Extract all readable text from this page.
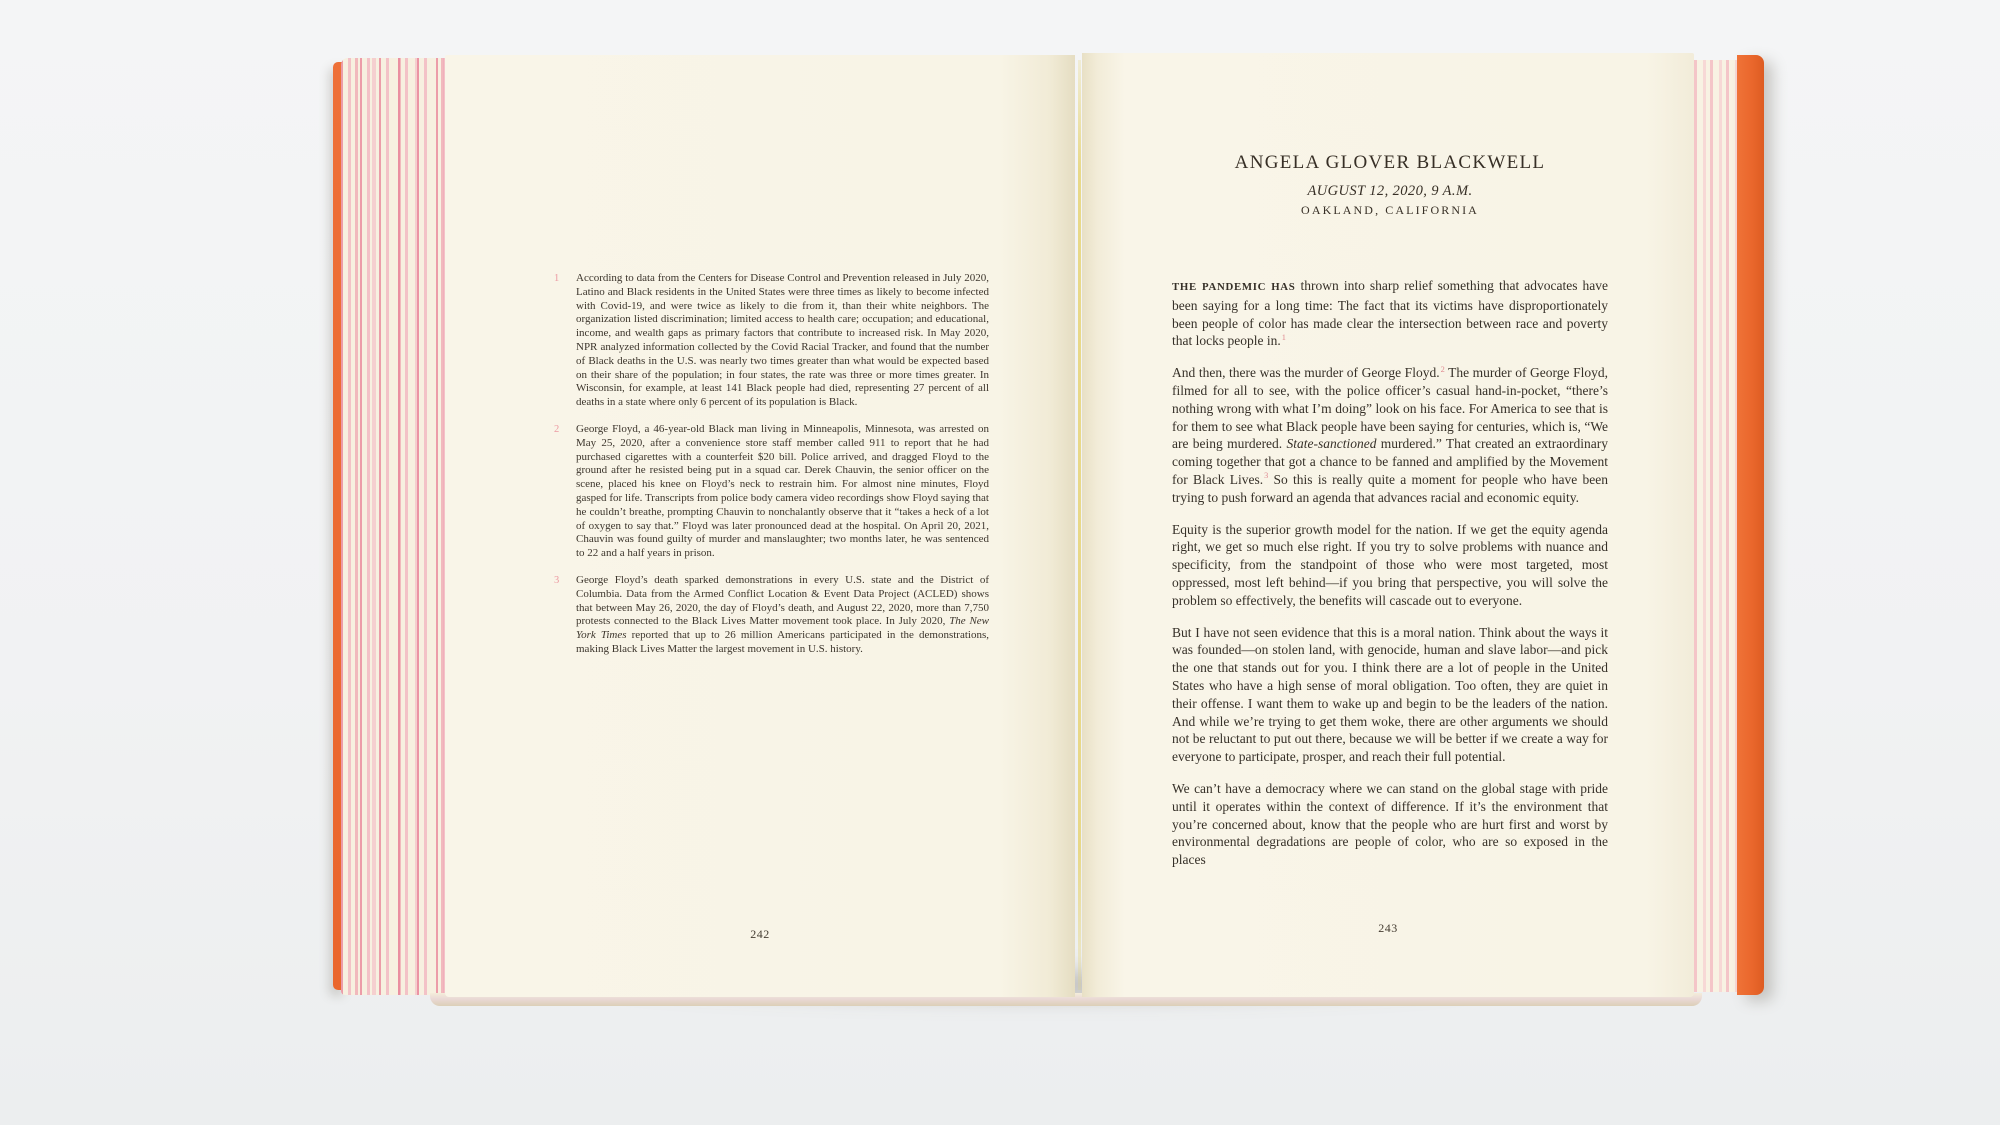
1 According to data from the Centers for Disease Control and Prevention released in July 2020, Latino and Black residents in the United States were three times as likely to become infected with Covid-19, and were twice as likely to die from it, than their white neighbors. The organization listed discrimination; limited access to health care; occupation; and educational, income, and wealth gaps as primary factors that contribute to increased risk. In May 2020, NPR analyzed information collected by the Covid Racial Tracker, and found that the number of Black deaths in the U.S. was nearly two times greater than what would be expected based on their share of the population; in four states, the rate was three or more times greater. In Wisconsin, for example, at least 141 Black people had died, representing 27 percent of all deaths in a state where only 6 percent of its population is Black.
2 George Floyd, a 46-year-old Black man living in Minneapolis, Minnesota, was arrested on May 25, 2020, after a convenience store staff member called 911 to report that he had purchased cigarettes with a counterfeit $20 bill. Police arrived, and dragged Floyd to the ground after he resisted being put in a squad car. Derek Chauvin, the senior officer on the scene, placed his knee on Floyd’s neck to restrain him. For almost nine minutes, Floyd gasped for life. Transcripts from police body camera video recordings show Floyd saying that he couldn’t breathe, prompting Chauvin to nonchalantly observe that it “takes a heck of a lot of oxygen to say that.” Floyd was later pronounced dead at the hospital. On April 20, 2021, Chauvin was found guilty of murder and manslaughter; two months later, he was sentenced to 22 and a half years in prison.
3 George Floyd’s death sparked demonstrations in every U.S. state and the District of Columbia. Data from the Armed Conflict Location & Event Data Project (ACLED) shows that between May 26, 2020, the day of Floyd’s death, and August 22, 2020, more than 7,750 protests connected to the Black Lives Matter movement took place. In July 2020, The New York Times reported that up to 26 million Americans participated in the demonstrations, making Black Lives Matter the largest movement in U.S. history.
242
ANGELA GLOVER BLACKWELL
AUGUST 12, 2020, 9 A.M.
OAKLAND, CALIFORNIA

THE PANDEMIC HAS thrown into sharp relief something that advocates have been saying for a long time: The fact that its victims have disproportionately been people of color has made clear the intersection between race and poverty that locks people in.$^1$

And then, there was the murder of George Floyd.$^2$ The murder of George Floyd, filmed for all to see, with the police officer’s casual hand-in-pocket, “there’s nothing wrong with what I’m doing” look on his face. For America to see that is for them to see what Black people have been saying for centuries, which is, “We are being murdered. State-sanctioned murdered.” That created an extraordinary coming together that got a chance to be fanned and amplified by the Movement for Black Lives.$^3$ So this is really quite a moment for people who have been trying to push forward an agenda that advances racial and economic equity.

Equity is the superior growth model for the nation. If we get the equity agenda right, we get so much else right. If you try to solve problems with nuance and specificity, from the standpoint of those who were most targeted, most oppressed, most left behind—if you bring that perspective, you will solve the problem so effectively, the benefits will cascade out to everyone.

But I have not seen evidence that this is a moral nation. Think about the ways it was founded—on stolen land, with genocide, human and slave labor—and pick the one that stands out for you. I think there are a lot of people in the United States who have a high sense of moral obligation. Too often, they are quiet in their offense. I want them to wake up and begin to be the leaders of the nation. And while we’re trying to get them woke, there are other arguments we should not be reluctant to put out there, because we will be better if we create a way for everyone to participate, prosper, and reach their full potential.

We can’t have a democracy where we can stand on the global stage with pride until it operates within the context of difference. If it’s the environment that you’re concerned about, know that the people who are hurt first and worst by environmental degradations are people of color, who are so exposed in the places

243
